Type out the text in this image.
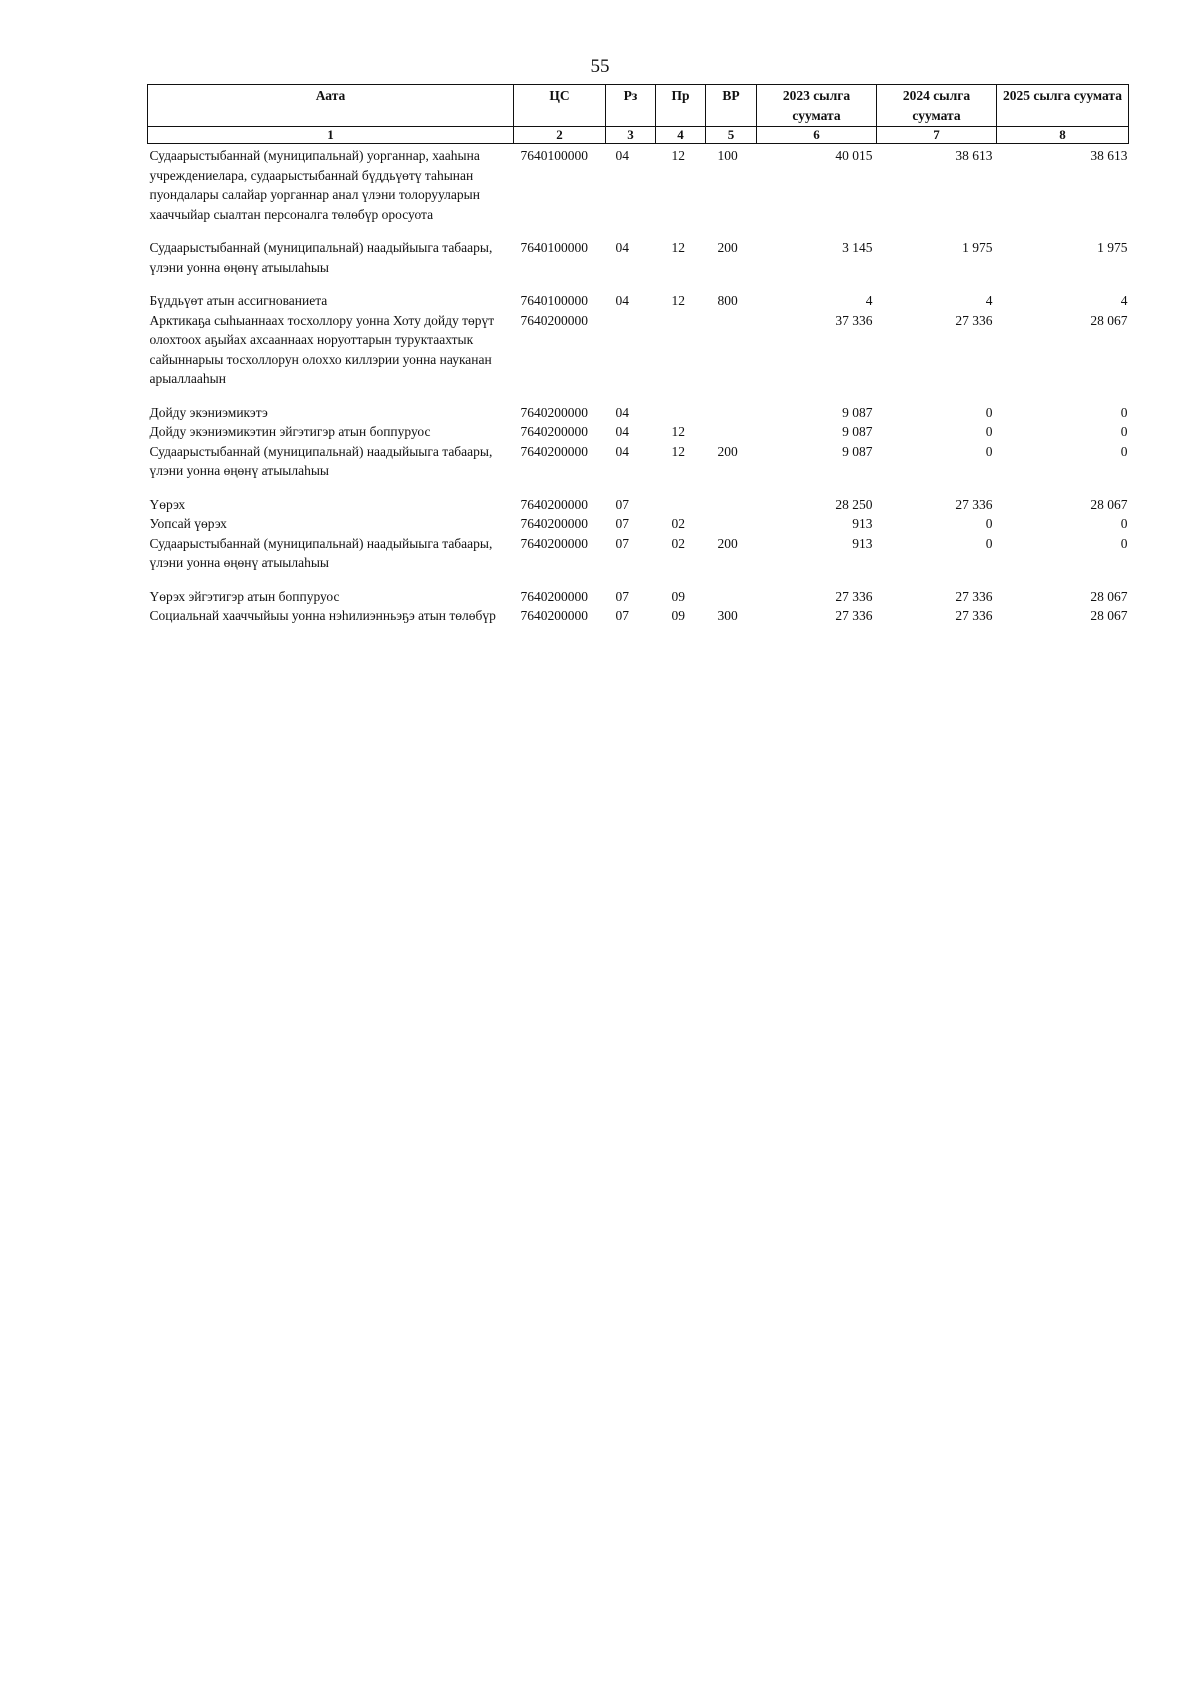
55
Аата	ЦС	Рз	Пр	ВР	2023 сылга суумата	2024 сылга суумата	2025 сылга суумата
1	2	3	4	5	6	7	8
Судаарыстыбаннай (муниципальнай) уорганнар, хааһына учреждениелара, судаарыстыбаннай бүддьүөтү таһынан пуондалары салайар уорганнар анал үлэни толорууларын хааччыйар сыалтан персоналга төлөбүр оросуота	7640100000	04	12	100	40 015	38 613	38 613

Судаарыстыбаннай (муниципальнай) наадыйыыга табаары, үлэни уонна өңөнү атыылаһыы	7640100000	04	12	200	3 145	1 975	1 975

Бүддьүөт атын ассигнованиета	7640100000	04	12	800	4	4	4
Арктикаҕа сыһыаннаах тосхоллору уонна Хоту дойду төрүт олохтоох аҕыйах ахсааннаах норуоттарын туруктаахтык сайыннарыы тосхоллорун олоххо киллэрии уонна науканан арыаллааһын	7640200000				37 336	27 336	28 067

Дойду экэниэмикэтэ	7640200000	04			9 087	0	0
Дойду экэниэмикэтин эйгэтигэр атын боппуруос	7640200000	04	12		9 087	0	0
Судаарыстыбаннай (муниципальнай) наадыйыыга табаары, үлэни уонна өңөнү атыылаһыы	7640200000	04	12	200	9 087	0	0

Үөрэх	7640200000	07			28 250	27 336	28 067
Уопсай үөрэх	7640200000	07	02		913	0	0
Судаарыстыбаннай (муниципальнай) наадыйыыга табаары, үлэни уонна өңөнү атыылаһыы	7640200000	07	02	200	913	0	0

Үөрэх эйгэтигэр атын боппуруос	7640200000	07	09		27 336	27 336	28 067
Социальнай хааччыйыы уонна нэһилиэнньэҕэ атын төлөбүр	7640200000	07	09	300	27 336	27 336	28 067
